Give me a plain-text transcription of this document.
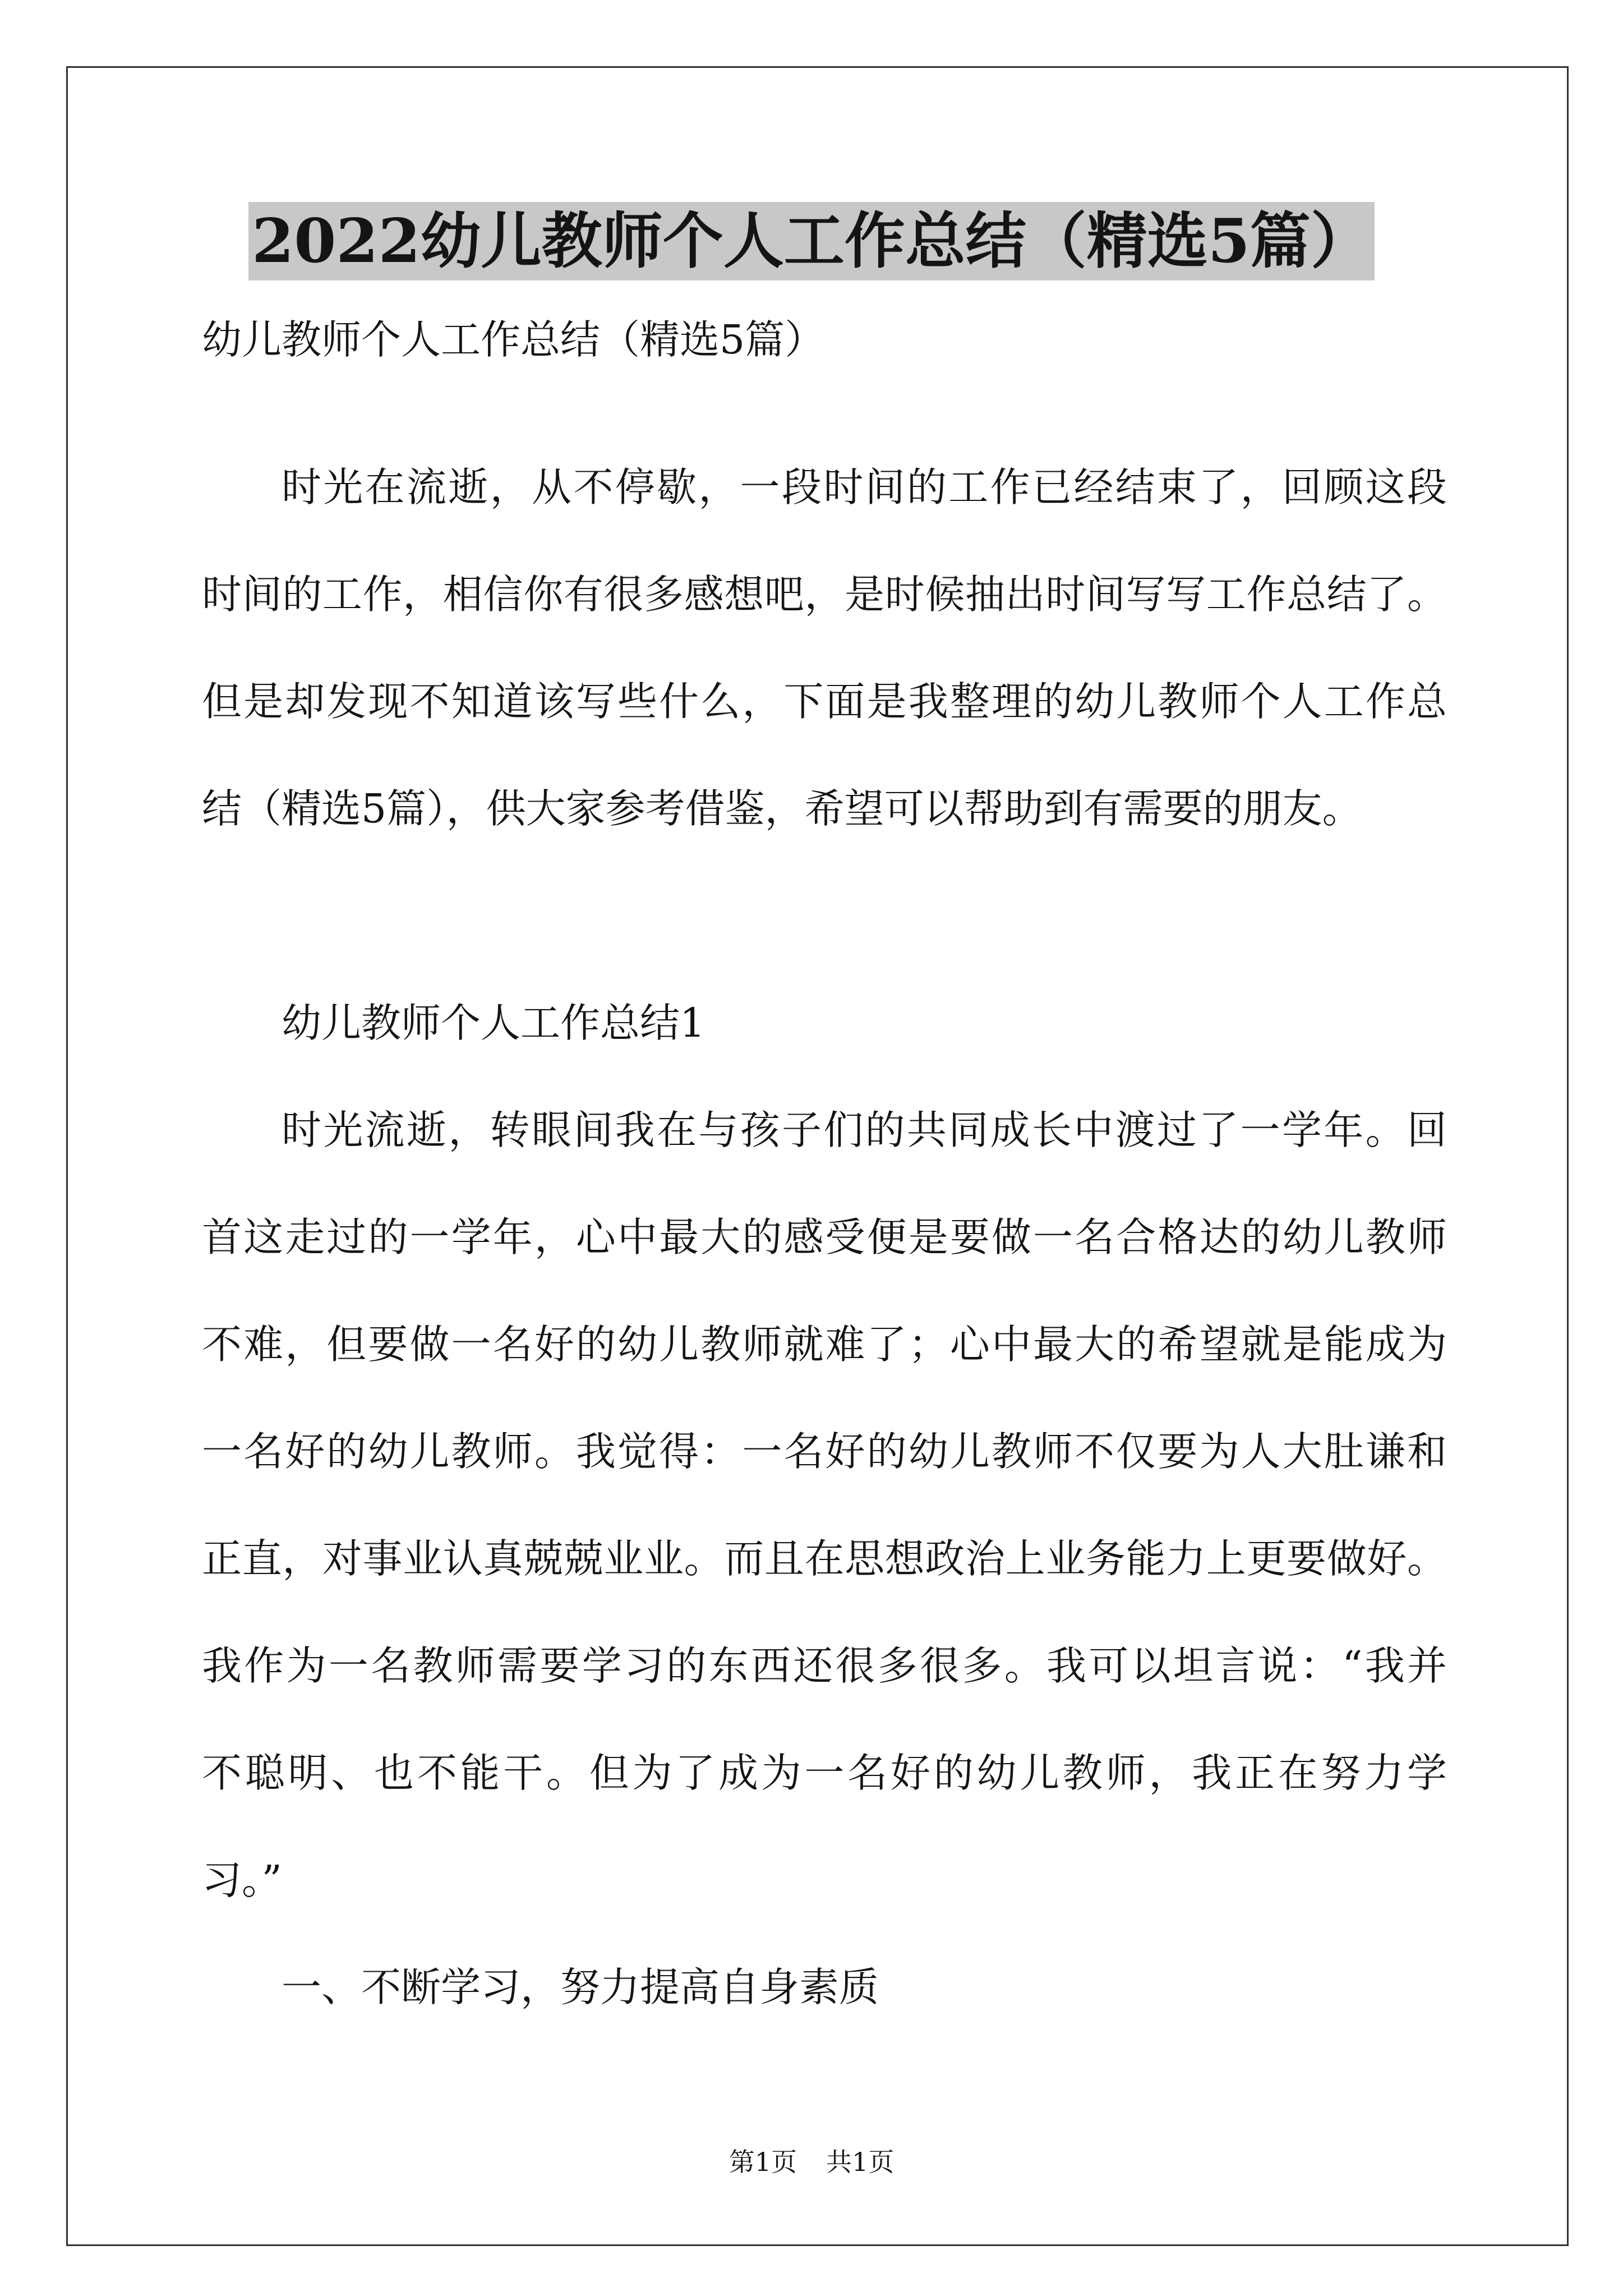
2022幼儿教师个人工作总结（精选5篇）
幼儿教师个人工作总结（精选5篇）
时光在流逝，从不停歇，一段时间的工作已经结束了，回顾这段
时间的工作，相信你有很多感想吧，是时候抽出时间写写工作总结了。
但是却发现不知道该写些什么，下面是我整理的幼儿教师个人工作总
结（精选5篇），供大家参考借鉴，希望可以帮助到有需要的朋友。
幼儿教师个人工作总结1
时光流逝，转眼间我在与孩子们的共同成长中渡过了一学年。回
首这走过的一学年，心中最大的感受便是要做一名合格达的幼儿教师
不难，但要做一名好的幼儿教师就难了；心中最大的希望就是能成为
一名好的幼儿教师。我觉得：一名好的幼儿教师不仅要为人大肚谦和
正直，对事业认真兢兢业业。而且在思想政治上业务能力上更要做好。
我作为一名教师需要学习的东西还很多很多。我可以坦言说：“我并
不聪明、也不能干。但为了成为一名好的幼儿教师，我正在努力学
习。”
一、不断学习，努力提高自身素质
第1页 共1页
